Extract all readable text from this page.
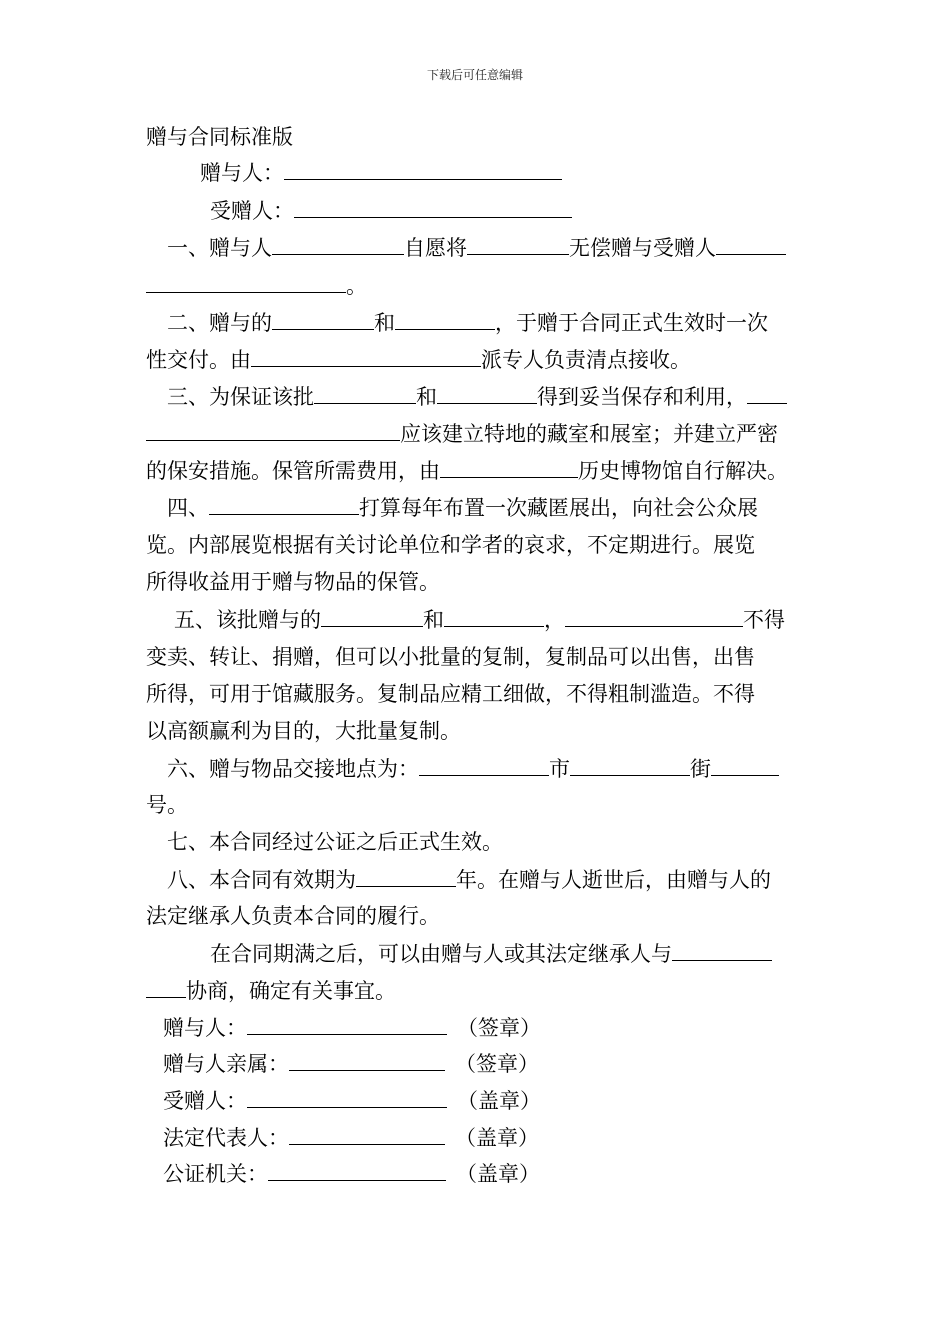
下载后可任意编辑
赠与合同标准版
赠与人：
受赠人：
一、赠与人	自愿将	无偿赠与受赠人
。
二、赠与的	和	，于赠于合同正式生效时一次
性交付。由	派专人负责清点接收。
三、为保证该批	和	得到妥当保存和利用，
应该建立特地的藏室和展室；并建立严密
的保安措施。保管所需费用，由	历史博物馆自行解决。
四、	打算每年布置一次藏匿展出，向社会公众展
览。内部展览根据有关讨论单位和学者的哀求，不定期进行。展览
所得收益用于赠与物品的保管。
五、该批赠与的	和	，	不得
变卖、转让、捐赠，但可以小批量的复制，复制品可以出售，出售
所得，可用于馆藏服务。复制品应精工细做，不得粗制滥造。不得
以高额赢利为目的，大批量复制。
六、赠与物品交接地点为：	市	街
号。
七、本合同经过公证之后正式生效。
八、本合同有效期为	年。在赠与人逝世后，由赠与人的
法定继承人负责本合同的履行。
在合同期满之后，可以由赠与人或其法定继承人与
协商，确定有关事宜。
赠与人：	（签章）
赠与人亲属：	（签章）
受赠人：	（盖章）
法定代表人：	（盖章）
公证机关：	（盖章）
